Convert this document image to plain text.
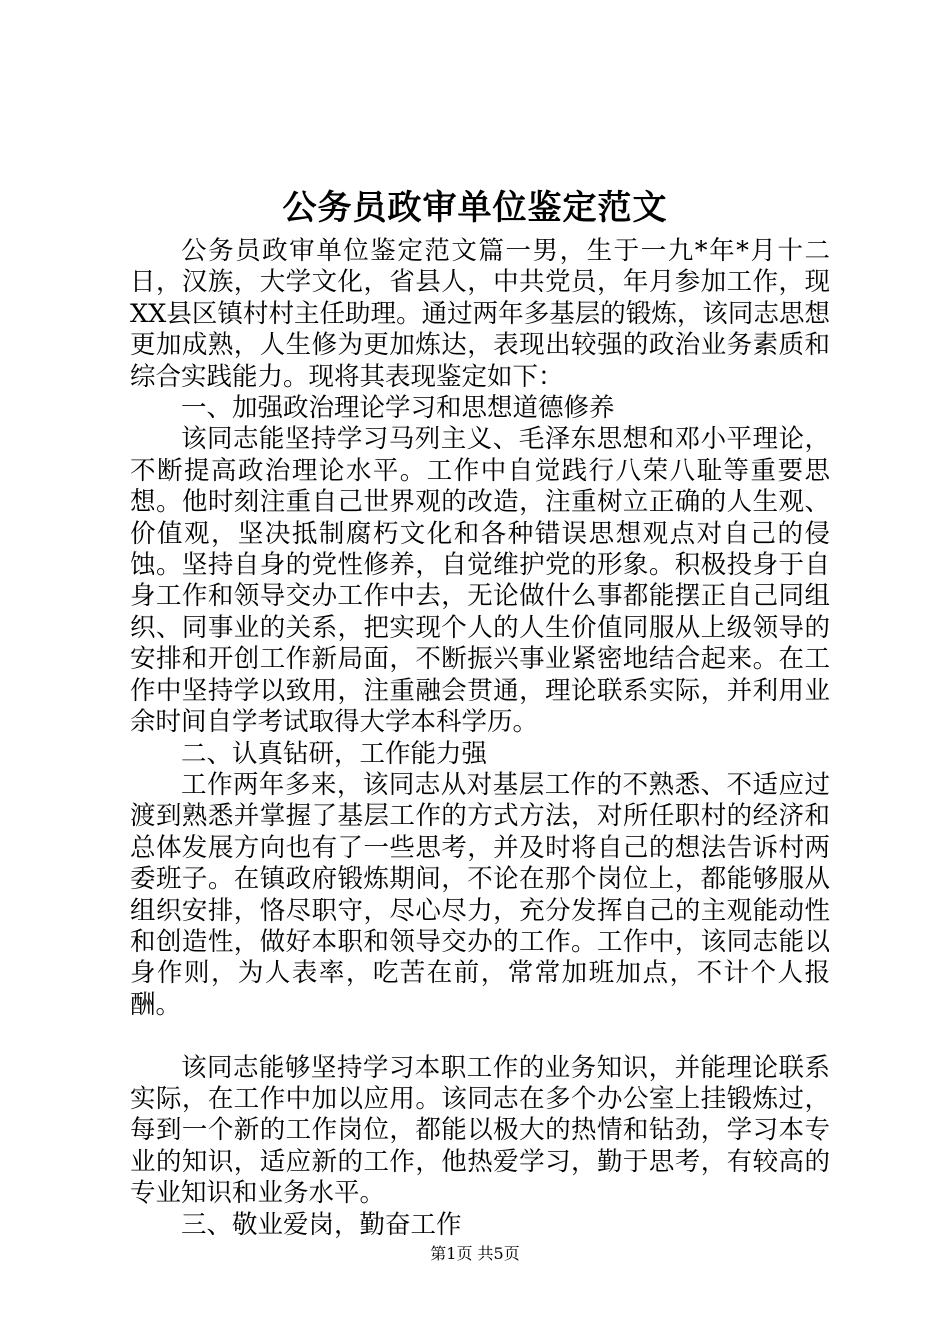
公务员政审单位鉴定范文

公务员政审单位鉴定范文篇一男，生于一九*年*月十二日，汉族，大学文化，省县人，中共党员，年月参加工作，现XX县区镇村村主任助理。通过两年多基层的锻炼，该同志思想更加成熟，人生修为更加炼达，表现出较强的政治业务素质和综合实践能力。现将其表现鉴定如下：

一、加强政治理论学习和思想道德修养

该同志能坚持学习马列主义、毛泽东思想和邓小平理论，不断提高政治理论水平。工作中自觉践行八荣八耻等重要思想。他时刻注重自己世界观的改造，注重树立正确的人生观、价值观，坚决抵制腐朽文化和各种错误思想观点对自己的侵蚀。坚持自身的党性修养，自觉维护党的形象。积极投身于自身工作和领导交办工作中去，无论做什么事都能摆正自己同组织、同事业的关系，把实现个人的人生价值同服从上级领导的安排和开创工作新局面，不断振兴事业紧密地结合起来。在工作中坚持学以致用，注重融会贯通，理论联系实际，并利用业余时间自学考试取得大学本科学历。

二、认真钻研，工作能力强

工作两年多来，该同志从对基层工作的不熟悉、不适应过渡到熟悉并掌握了基层工作的方式方法，对所任职村的经济和总体发展方向也有了一些思考，并及时将自己的想法告诉村两委班子。在镇政府锻炼期间，不论在那个岗位上，都能够服从组织安排，恪尽职守，尽心尽力，充分发挥自己的主观能动性和创造性，做好本职和领导交办的工作。工作中，该同志能以身作则，为人表率，吃苦在前，常常加班加点，不计个人报酬。

该同志能够坚持学习本职工作的业务知识，并能理论联系实际，在工作中加以应用。该同志在多个办公室上挂锻炼过，每到一个新的工作岗位，都能以极大的热情和钻劲，学习本专业的知识，适应新的工作，他热爱学习，勤于思考，有较高的专业知识和业务水平。

三、敬业爱岗，勤奋工作

第1页 共5页
